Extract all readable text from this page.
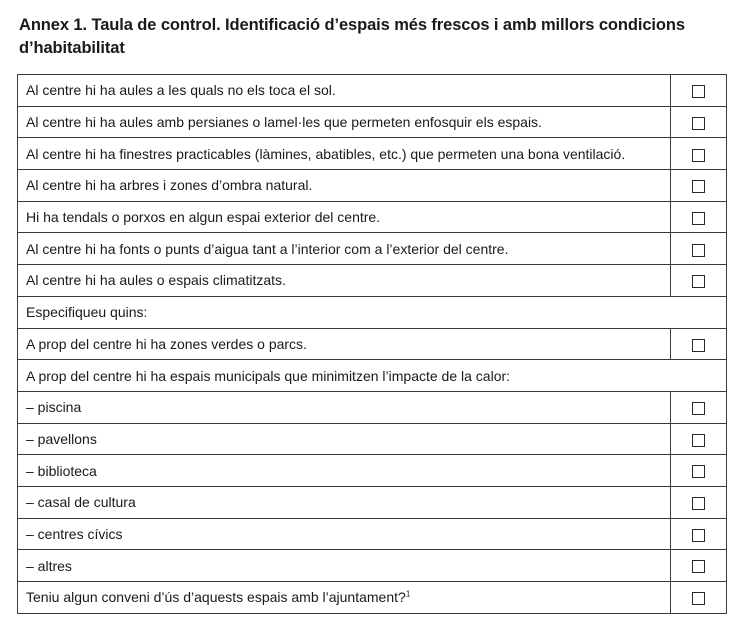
Annex 1. Taula de control. Identificació d’espais més frescos i amb millors condicions d’habitabilitat
Al centre hi ha aules a les quals no els toca el sol.	
Al centre hi ha aules amb persianes o lamel·les que permeten enfosquir els espais.	
Al centre hi ha finestres practicables (làmines, abatibles, etc.) que permeten una bona ventilació.	
Al centre hi ha arbres i zones d’ombra natural.	
Hi ha tendals o porxos en algun espai exterior del centre.	
Al centre hi ha fonts o punts d’aigua tant a l’interior com a l’exterior del centre.	
Al centre hi ha aules o espais climatitzats.	
Especifiqueu quins:	
A prop del centre hi ha zones verdes o parcs.	
A prop del centre hi ha espais municipals que minimitzen l’impacte de la calor:	
– piscina	
– pavellons	
– biblioteca	
– casal de cultura	
– centres cívics	
– altres	
Teniu algun conveni d’ús d’aquests espais amb l’ajuntament?$^1$	
